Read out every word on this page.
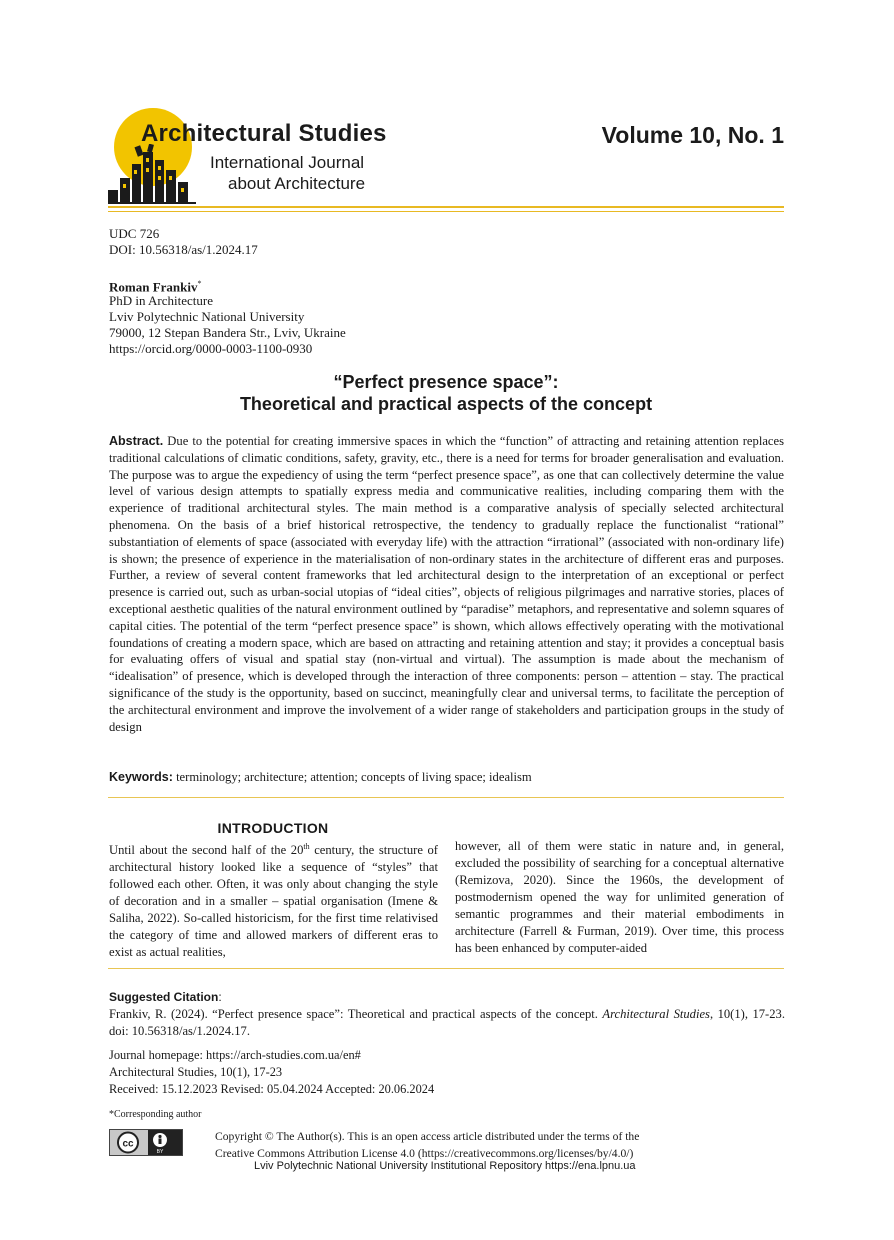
Architectural Studies
International Journal
about Architecture
Volume 10, No. 1
UDC 726
DOI: 10.56318/as/1.2024.17
Roman Frankiv*
PhD in Architecture
Lviv Polytechnic National University
79000, 12 Stepan Bandera Str., Lviv, Ukraine
https://orcid.org/0000-0003-1100-0930
“Perfect presence space”:
Theoretical and practical aspects of the concept
Abstract. Due to the potential for creating immersive spaces in which the “function” of attracting and retaining attention replaces traditional calculations of climatic conditions, safety, gravity, etc., there is a need for terms for broader generalisation and evaluation. The purpose was to argue the expediency of using the term “perfect presence space”, as one that can collectively determine the value level of various design attempts to spatially express media and communicative realities, including comparing them with the experience of traditional architectural styles. The main method is a comparative analysis of specially selected architectural phenomena. On the basis of a brief historical retrospective, the tendency to gradually replace the functionalist “rational” substantiation of elements of space (associated with everyday life) with the attraction “irrational” (associated with non-ordinary life) is shown; the presence of experience in the materialisation of non-ordinary states in the architecture of different eras and purposes. Further, a review of several content frameworks that led architectural design to the interpretation of an exceptional or perfect presence is carried out, such as urban-social utopias of “ideal cities”, objects of religious pilgrimages and narrative stories, places of exceptional aesthetic qualities of the natural environment outlined by “paradise” metaphors, and representative and solemn squares of capital cities. The potential of the term “perfect presence space” is shown, which allows effectively operating with the motivational foundations of creating a modern space, which are based on attracting and retaining attention and stay; it provides a conceptual basis for evaluating offers of visual and spatial stay (non-virtual and virtual). The assumption is made about the mechanism of “idealisation” of presence, which is developed through the interaction of three components: person – attention – stay. The practical significance of the study is the opportunity, based on succinct, meaningfully clear and universal terms, to facilitate the perception of the architectural environment and improve the involvement of a wider range of stakeholders and participation groups in the study of design
Keywords: terminology; architecture; attention; concepts of living space; idealism
INTRODUCTION
Until about the second half of the 20th century, the structure of architectural history looked like a sequence of “styles” that followed each other. Often, it was only about changing the style of decoration and in a smaller – spatial organisation (Imene & Saliha, 2022). So-called historicism, for the first time relativised the category of time and allowed markers of different eras to exist as actual realities,
however, all of them were static in nature and, in general, excluded the possibility of searching for a conceptual alternative (Remizova, 2020). Since the 1960s, the development of postmodernism opened the way for unlimited generation of semantic programmes and their material embodiments in architecture (Farrell & Furman, 2019). Over time, this process has been enhanced by computer-aided
Suggested Citation:
Frankiv, R. (2024). “Perfect presence space”: Theoretical and practical aspects of the concept. Architectural Studies, 10(1), 17-23. doi: 10.56318/as/1.2024.17.
Journal homepage: https://arch-studies.com.ua/en#
Architectural Studies, 10(1), 17-23
Received: 15.12.2023 Revised: 05.04.2024 Accepted: 20.06.2024
*Corresponding author
cc
BY
Copyright © The Author(s). This is an open access article distributed under the terms of the
Creative Commons Attribution License 4.0 (https://creativecommons.org/licenses/by/4.0/)
Lviv Polytechnic National University Institutional Repository https://ena.lpnu.ua
